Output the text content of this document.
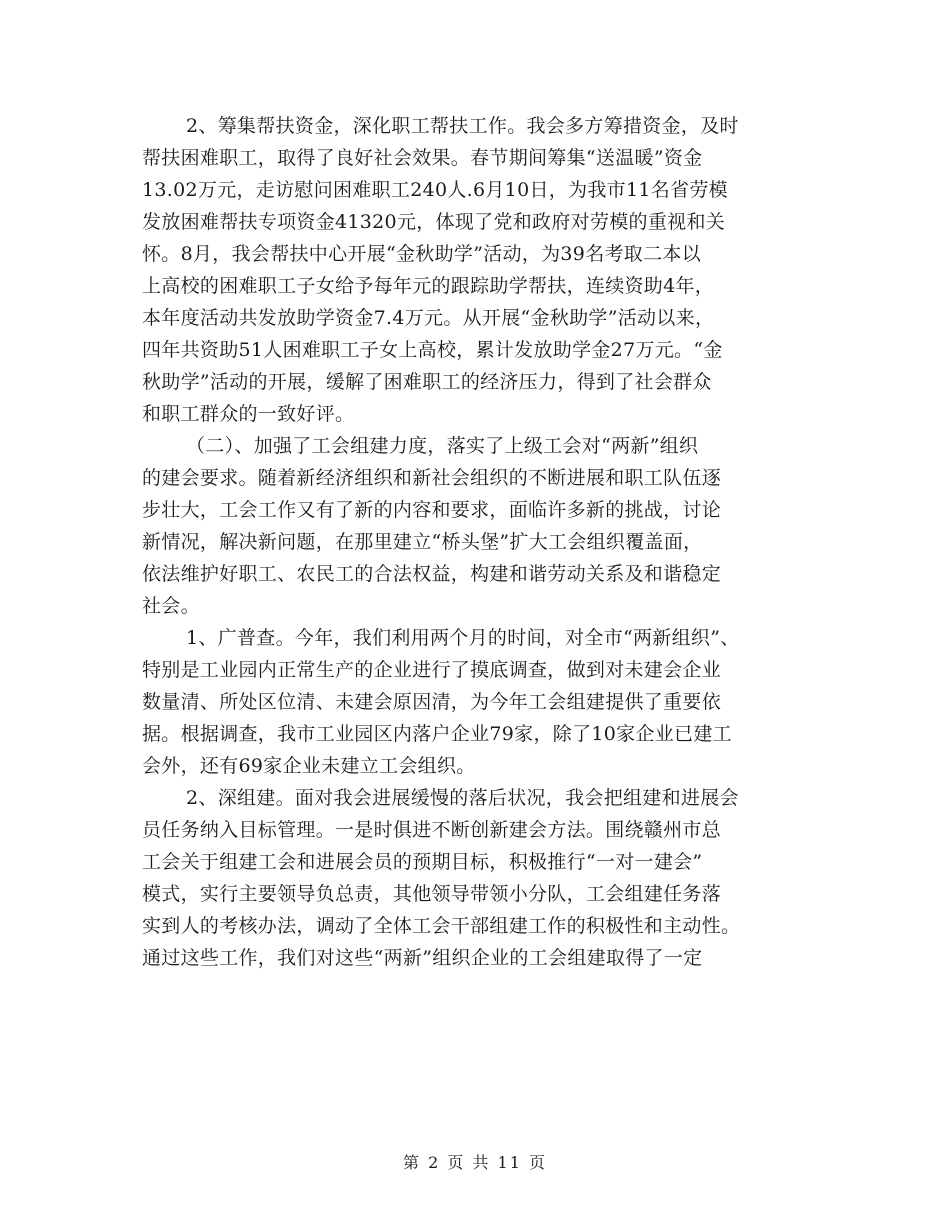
2、筹集帮扶资金，深化职工帮扶工作。我会多方筹措资金，及时
帮扶困难职工，取得了良好社会效果。春节期间筹集“送温暖”资金
13.02万元，走访慰问困难职工240人.6月10日，为我市11名省劳模
发放困难帮扶专项资金41320元，体现了党和政府对劳模的重视和关
怀。8月，我会帮扶中心开展“金秋助学”活动，为39名考取二本以
上高校的困难职工子女给予每年元的跟踪助学帮扶，连续资助4年，
本年度活动共发放助学资金7.4万元。从开展“金秋助学”活动以来，
四年共资助51人困难职工子女上高校，累计发放助学金27万元。“金
秋助学”活动的开展，缓解了困难职工的经济压力，得到了社会群众
和职工群众的一致好评。
（二）、加强了工会组建力度，落实了上级工会对“两新”组织
的建会要求。随着新经济组织和新社会组织的不断进展和职工队伍逐
步壮大，工会工作又有了新的内容和要求，面临许多新的挑战，讨论
新情况，解决新问题，在那里建立“桥头堡”扩大工会组织覆盖面，
依法维护好职工、农民工的合法权益，构建和谐劳动关系及和谐稳定
社会。
1、广普查。今年，我们利用两个月的时间，对全市“两新组织”、
特别是工业园内正常生产的企业进行了摸底调查，做到对未建会企业
数量清、所处区位清、未建会原因清，为今年工会组建提供了重要依
据。根据调查，我市工业园区内落户企业79家，除了10家企业已建工
会外，还有69家企业未建立工会组织。
2、深组建。面对我会进展缓慢的落后状况，我会把组建和进展会
员任务纳入目标管理。一是时俱进不断创新建会方法。围绕赣州市总
工会关于组建工会和进展会员的预期目标，积极推行“一对一建会”
模式，实行主要领导负总责，其他领导带领小分队，工会组建任务落
实到人的考核办法，调动了全体工会干部组建工作的积极性和主动性。
通过这些工作，我们对这些“两新”组织企业的工会组建取得了一定
第 2 页 共 11 页
